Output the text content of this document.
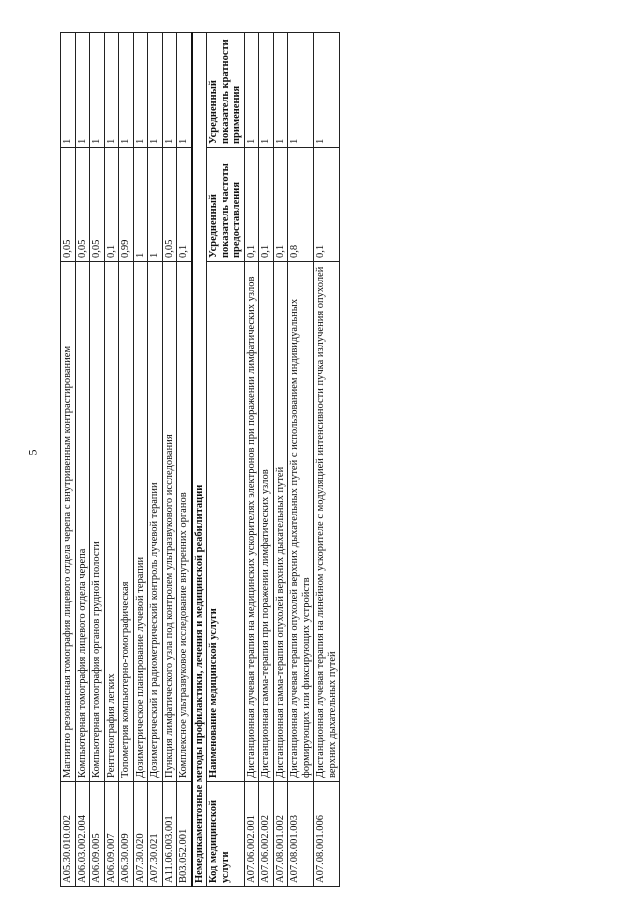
5
A05.30.010.002	Магнитно резонансная томография лицевого отдела черепа с внутривенным контрастированием	0,05	1
A06.03.002.004	Компьютерная томография лицевого отдела черепа	0,05	1
A06.09.005	Компьютерная томография органов грудной полости	0,05	1
A06.09.007	Рентгенография легких	0,1	1
A06.30.009	Топометрия компьютерно-томографическая	0,99	1
A07.30.020	Дозиметрическое планирование лучевой терапии	1	1
A07.30.021	Дозиметрический и радиометрический контроль лучевой терапии	1	1
A11.06.003.001	Пункция лимфатического узла под контролем ультразвукового исследования	0,05	1
B03.052.001	Комплексное ультразвуковое исследование внутренних органов	0,1	1
Немедикаментозные методы профилактики, лечения и медицинской реабилитации			
Код медицинской услуги	Наименование медицинской услуги	Усредненный показатель частоты предоставления	Усредненный показатель кратности применения
A07.06.002.001	Дистанционная лучевая терапия на медицинских ускорителях электронов при поражении лимфатических узлов	0,1	1
A07.06.002.002	Дистанционная гамма-терапия при поражении лимфатических узлов	0,1	1
A07.08.001.002	Дистанционная гамма-терапия опухолей верхних дыхательных путей	0,1	1
A07.08.001.003	Дистанционная лучевая терапия опухолей верхних дыхательных путей с использованием индивидуальных формирующих или фиксирующих устройств	0,8	1
A07.08.001.006	Дистанционная лучевая терапия на линейном ускорителе с модуляцией интенсивности пучка излучения опухолей верхних дыхательных путей	0,1	1
